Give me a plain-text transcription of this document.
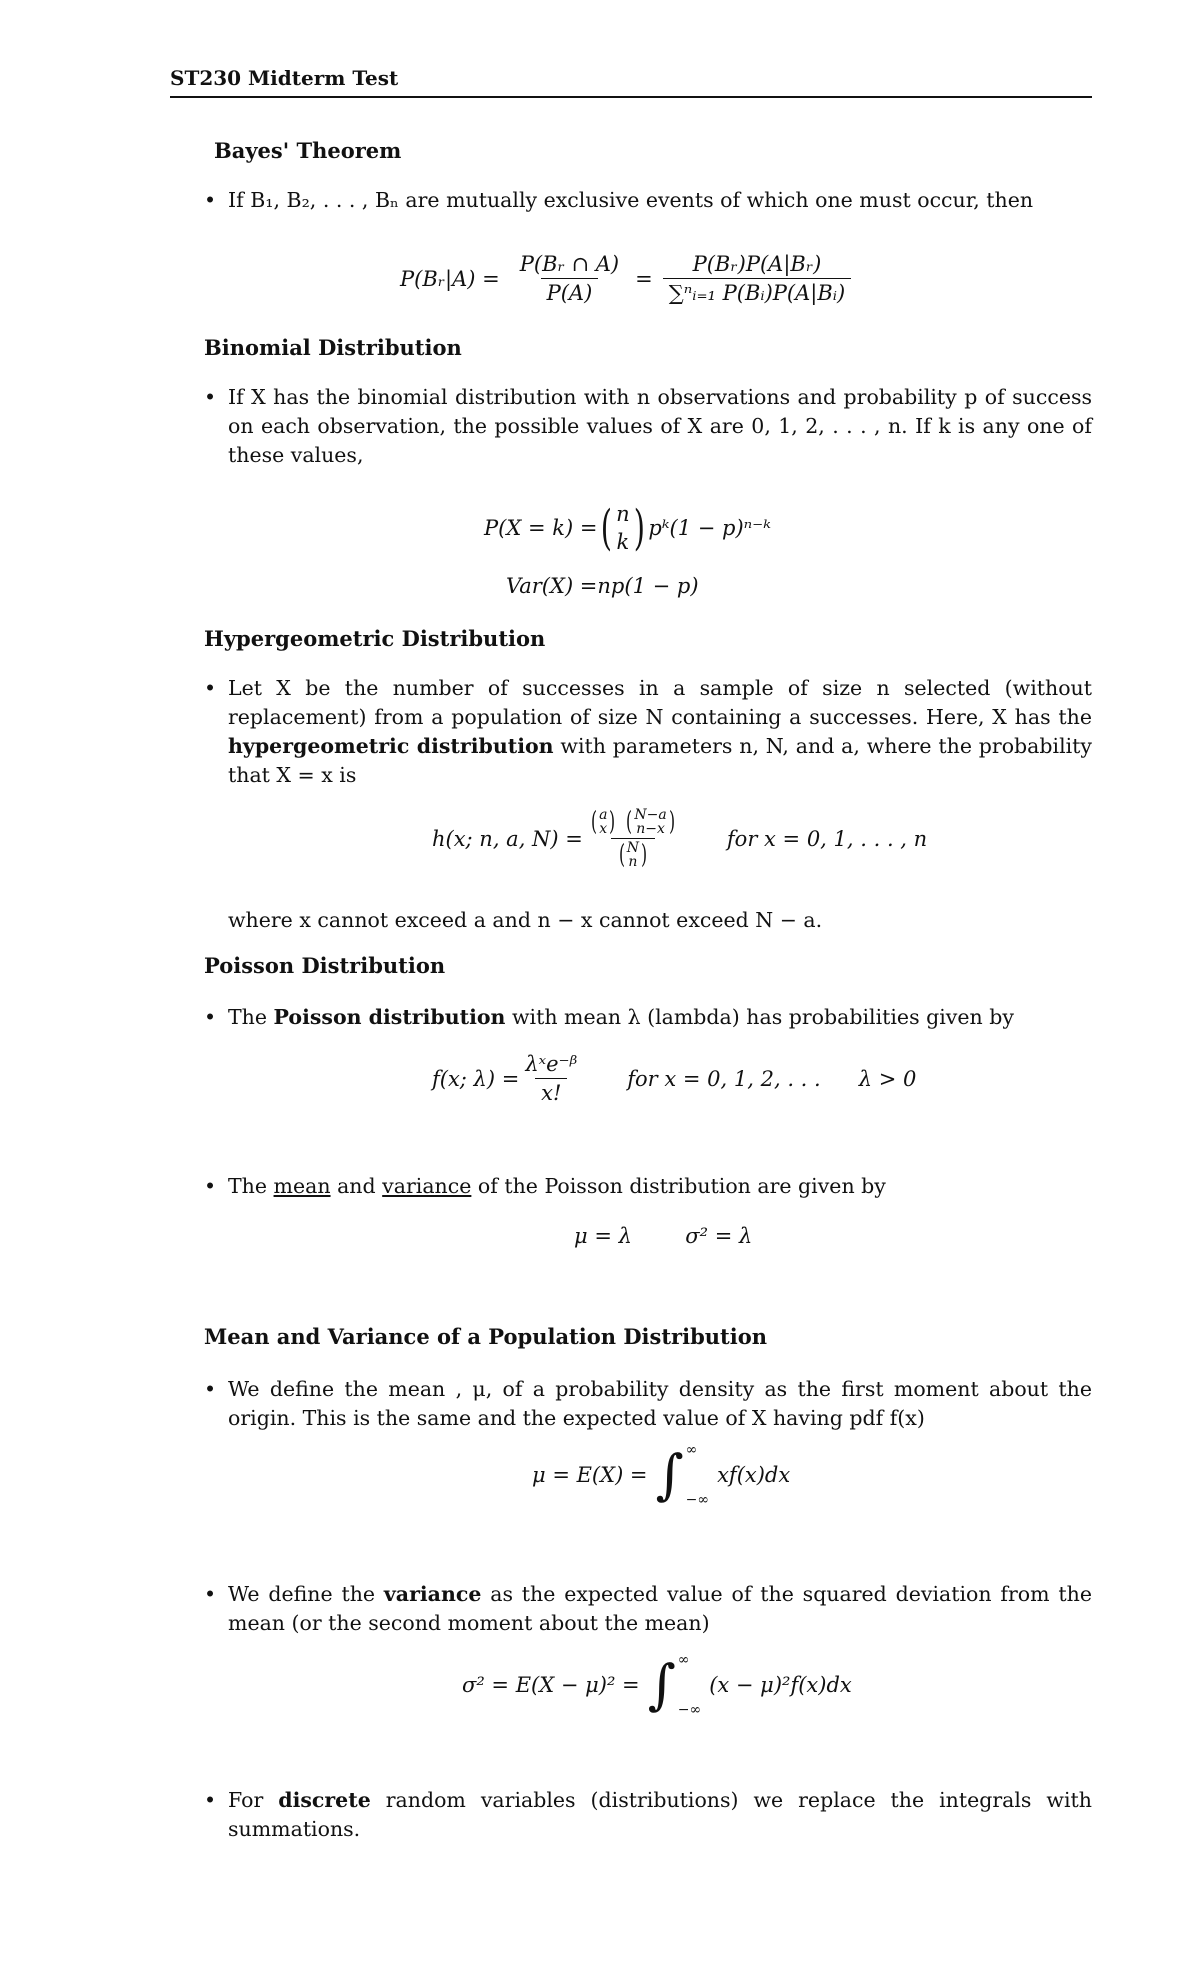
ST230 Midterm Test
Bayes' Theorem
• If B₁, B₂, . . . , Bₙ are mutually exclusive events of which one must occur, then
P(Bᵣ|A) = $\frac{\text{P(Bᵣ ∩ A)}}{P(A)} = \frac{\text{P(Bᵣ)P(A|Bᵣ)}}{\text{∑ⁿᵢ₌₁ P(Bᵢ)P(A|Bᵢ)}}$
Binomial Distribution
• If X has the binomial distribution with n observations and probability p of success on each observation, the possible values of X are 0, 1, 2, . . . , n. If k is any one of these values,
P(X = k) = ( n
k ) pᵏ(1 − p)ⁿ⁻ᵏ
Var(X) =np(1 − p)
Hypergeometric Distribution
• Let X be the number of successes in a sample of size n selected (without replacement) from a population of size N containing a successes. Here, X has the hypergeometric distribution with parameters n, N, and a, where the probability that X = x is
h(x; n, a, N) = ( a
x )
( N−a
n−x )
( N
n ) for x = 0, 1, . . . , n
where x cannot exceed a and n − x cannot exceed N − a.
Poisson Distribution
• The Poisson distribution with mean λ (lambda) has probabilities given by
f(x; $\lambda) = \frac{\text{λˣe⁻ᵝ}}{x!}$ for x = 0, 1, 2, . . . λ > 0
• The mean and variance of the Poisson distribution are given by
μ = λ	σ² = λ
Mean and Variance of a Population Distribution
• We define the mean , μ, of a probability density as the first moment about the origin. This is the same and the expected value of X having pdf f(x)
μ = E(X) = ∫ ∞
−∞
xf(x)dx
• We define the variance as the expected value of the squared deviation from the mean (or the second moment about the mean)
σ² = E(X − μ)² = ∫ ∞
−∞
(x − μ)²f(x)dx
• For discrete random variables (distributions) we replace the integrals with summations.
